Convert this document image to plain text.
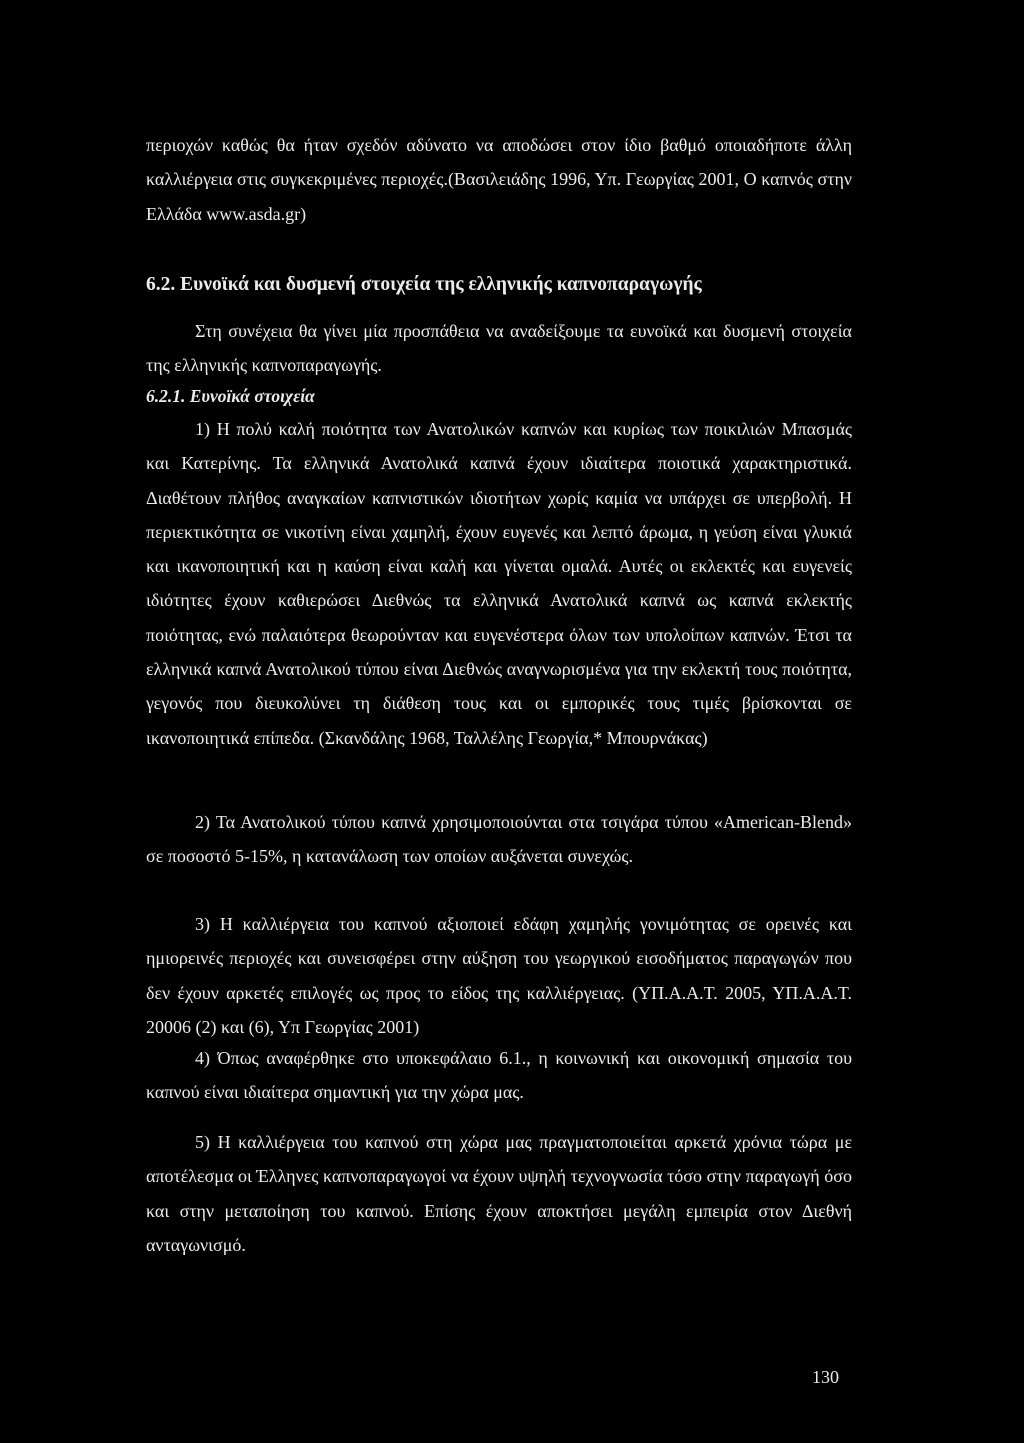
περιοχών καθώς θα ήταν σχεδόν αδύνατο να αποδώσει στον ίδιο βαθμό οποιαδήποτε άλλη καλλιέργεια στις συγκεκριμένες περιοχές.(Βασιλειάδης 1996, Υπ. Γεωργίας 2001, Ο καπνός στην Ελλάδα www.asda.gr)

6.2. Ευνοϊκά και δυσμενή στοιχεία της ελληνικής καπνοπαραγωγής

Στη συνέχεια θα γίνει μία προσπάθεια να αναδείξουμε τα ευνοϊκά και δυσμενή στοιχεία της ελληνικής καπνοπαραγωγής.

6.2.1. Ευνοϊκά στοιχεία

1) Η πολύ καλή ποιότητα των Ανατολικών καπνών και κυρίως των ποικιλιών Μπασμάς και Κατερίνης. Τα ελληνικά Ανατολικά καπνά έχουν ιδιαίτερα ποιοτικά χαρακτηριστικά. Διαθέτουν πλήθος αναγκαίων καπνιστικών ιδιοτήτων χωρίς καμία να υπάρχει σε υπερβολή. Η περιεκτικότητα σε νικοτίνη είναι χαμηλή, έχουν ευγενές και λεπτό άρωμα, η γεύση είναι γλυκιά και ικανοποιητική και η καύση είναι καλή και γίνεται ομαλά. Αυτές οι εκλεκτές και ευγενείς ιδιότητες έχουν καθιερώσει Διεθνώς τα ελληνικά Ανατολικά καπνά ως καπνά εκλεκτής ποιότητας, ενώ παλαιότερα θεωρούνταν και ευγενέστερα όλων των υπολοίπων καπνών. Έτσι τα ελληνικά καπνά Ανατολικού τύπου είναι Διεθνώς αναγνωρισμένα για την εκλεκτή τους ποιότητα, γεγονός που διευκολύνει τη διάθεση τους και οι εμπορικές τους τιμές βρίσκονται σε ικανοποιητικά επίπεδα. (Σκανδάλης 1968, Ταλλέλης Γεωργία,* Μπουρνάκας)

2) Τα Ανατολικού τύπου καπνά χρησιμοποιούνται στα τσιγάρα τύπου «American-Blend» σε ποσοστό 5-15%, η κατανάλωση των οποίων αυξάνεται συνεχώς.

3) Η καλλιέργεια του καπνού αξιοποιεί εδάφη χαμηλής γονιμότητας σε ορεινές και ημιορεινές περιοχές και συνεισφέρει στην αύξηση του γεωργικού εισοδήματος παραγωγών που δεν έχουν αρκετές επιλογές ως προς το είδος της καλλιέργειας. (ΥΠ.Α.Α.Τ. 2005, ΥΠ.Α.Α.Τ. 20006 (2) και (6), Υπ Γεωργίας 2001)

4) Όπως αναφέρθηκε στο υποκεφάλαιο 6.1., η κοινωνική και οικονομική σημασία του καπνού είναι ιδιαίτερα σημαντική για την χώρα μας.

5) Η καλλιέργεια του καπνού στη χώρα μας πραγματοποιείται αρκετά χρόνια τώρα με αποτέλεσμα οι Έλληνες καπνοπαραγωγοί να έχουν υψηλή τεχνογνωσία τόσο στην παραγωγή όσο και στην μεταποίηση του καπνού. Επίσης έχουν αποκτήσει μεγάλη εμπειρία στον Διεθνή ανταγωνισμό.

130
